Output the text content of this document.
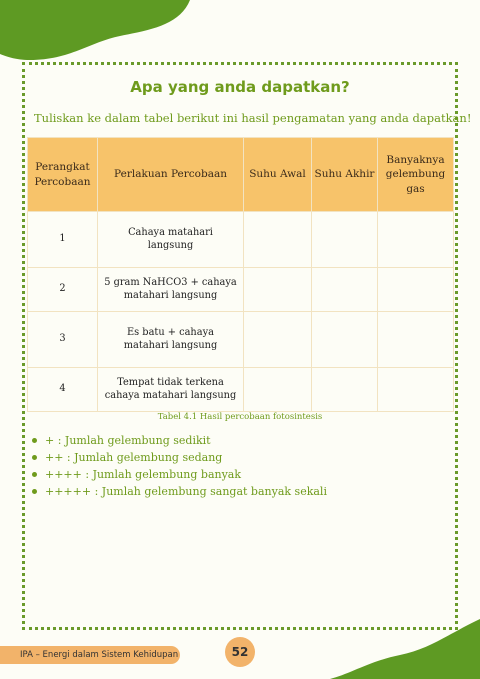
Apa yang anda dapatkan?
Tuliskan ke dalam tabel berikut ini hasil pengamatan yang anda dapatkan!
Perangkat Percobaan	Perlakuan Percobaan	Suhu Awal	Suhu Akhir	Banyaknya gelembung gas
1	Cahaya matahari langsung			
2	5 gram NaHCO3 + cahaya matahari langsung			
3	Es batu + cahaya matahari langsung			
4	Tempat tidak terkena cahaya matahari langsung			
Tabel 4.1 Hasil percobaan fotosintesis
+ : Jumlah gelembung sedikit
++ : Jumlah gelembung sedang
++++ : Jumlah gelembung banyak
+++++ : Jumlah gelembung sangat banyak sekali
IPA – Energi dalam Sistem Kehidupan	52
